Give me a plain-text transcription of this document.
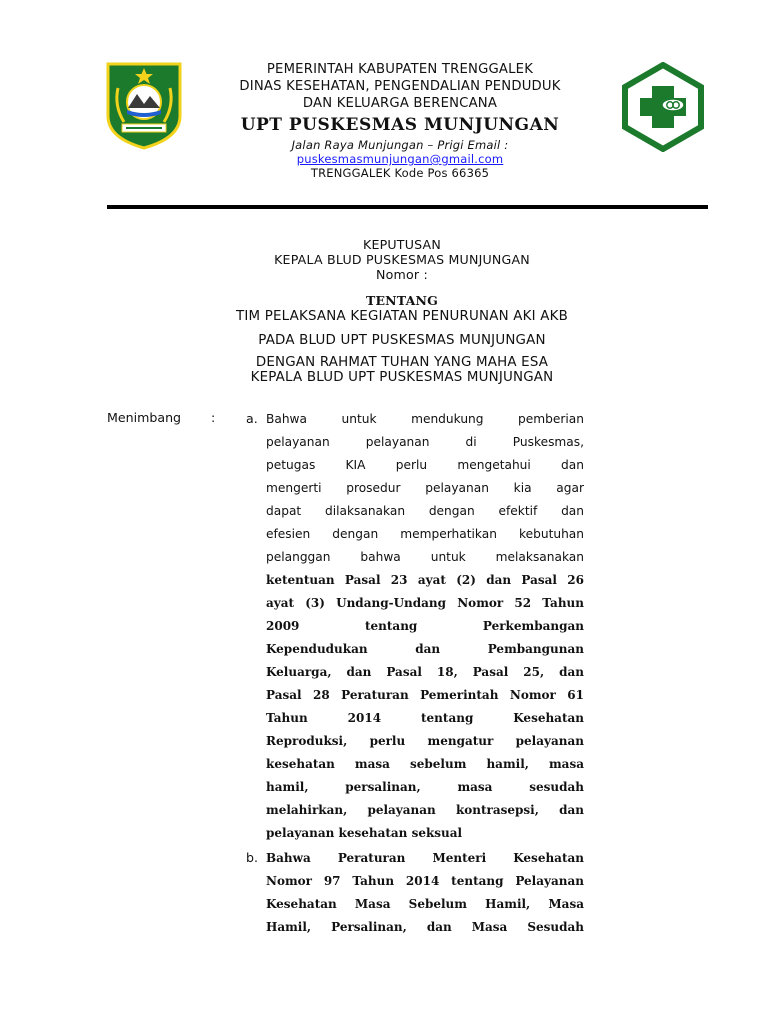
PEMERINTAH KABUPATEN TRENGGALEK
DINAS KESEHATAN, PENGENDALIAN PENDUDUK
DAN KELUARGA BERENCANA
UPT PUSKESMAS MUNJUNGAN
Jalan Raya Munjungan – Prigi Email :
puskesmasmunjungan@gmail.com
TRENGGALEK Kode Pos 66365
KEPUTUSAN
KEPALA BLUD PUSKESMAS MUNJUNGAN
Nomor :
TENTANG
TIM PELAKSANA KEGIATAN PENURUNAN AKI AKB
PADA BLUD UPT PUSKESMAS MUNJUNGAN
DENGAN RAHMAT TUHAN YANG MAHA ESA
KEPALA BLUD UPT PUSKESMAS MUNJUNGAN
Menimbang : a. Bahwa untuk mendukung pemberian
pelayanan pelayanan di Puskesmas,
petugas KIA perlu mengetahui dan
mengerti prosedur pelayanan kia agar
dapat dilaksanakan dengan efektif dan
efesien dengan memperhatikan kebutuhan
pelanggan bahwa untuk melaksanakan
ketentuan Pasal 23 ayat (2) dan Pasal 26
ayat (3) Undang-Undang Nomor 52 Tahun
2009 tentang Perkembangan
Kependudukan dan Pembangunan
Keluarga, dan Pasal 18, Pasal 25, dan
Pasal 28 Peraturan Pemerintah Nomor 61
Tahun 2014 tentang Kesehatan
Reproduksi, perlu mengatur pelayanan
kesehatan masa sebelum hamil, masa
hamil, persalinan, masa sesudah
melahirkan, pelayanan kontrasepsi, dan
pelayanan kesehatan seksual
b. Bahwa Peraturan Menteri Kesehatan
Nomor 97 Tahun 2014 tentang Pelayanan
Kesehatan Masa Sebelum Hamil, Masa
Hamil, Persalinan, dan Masa Sesudah
